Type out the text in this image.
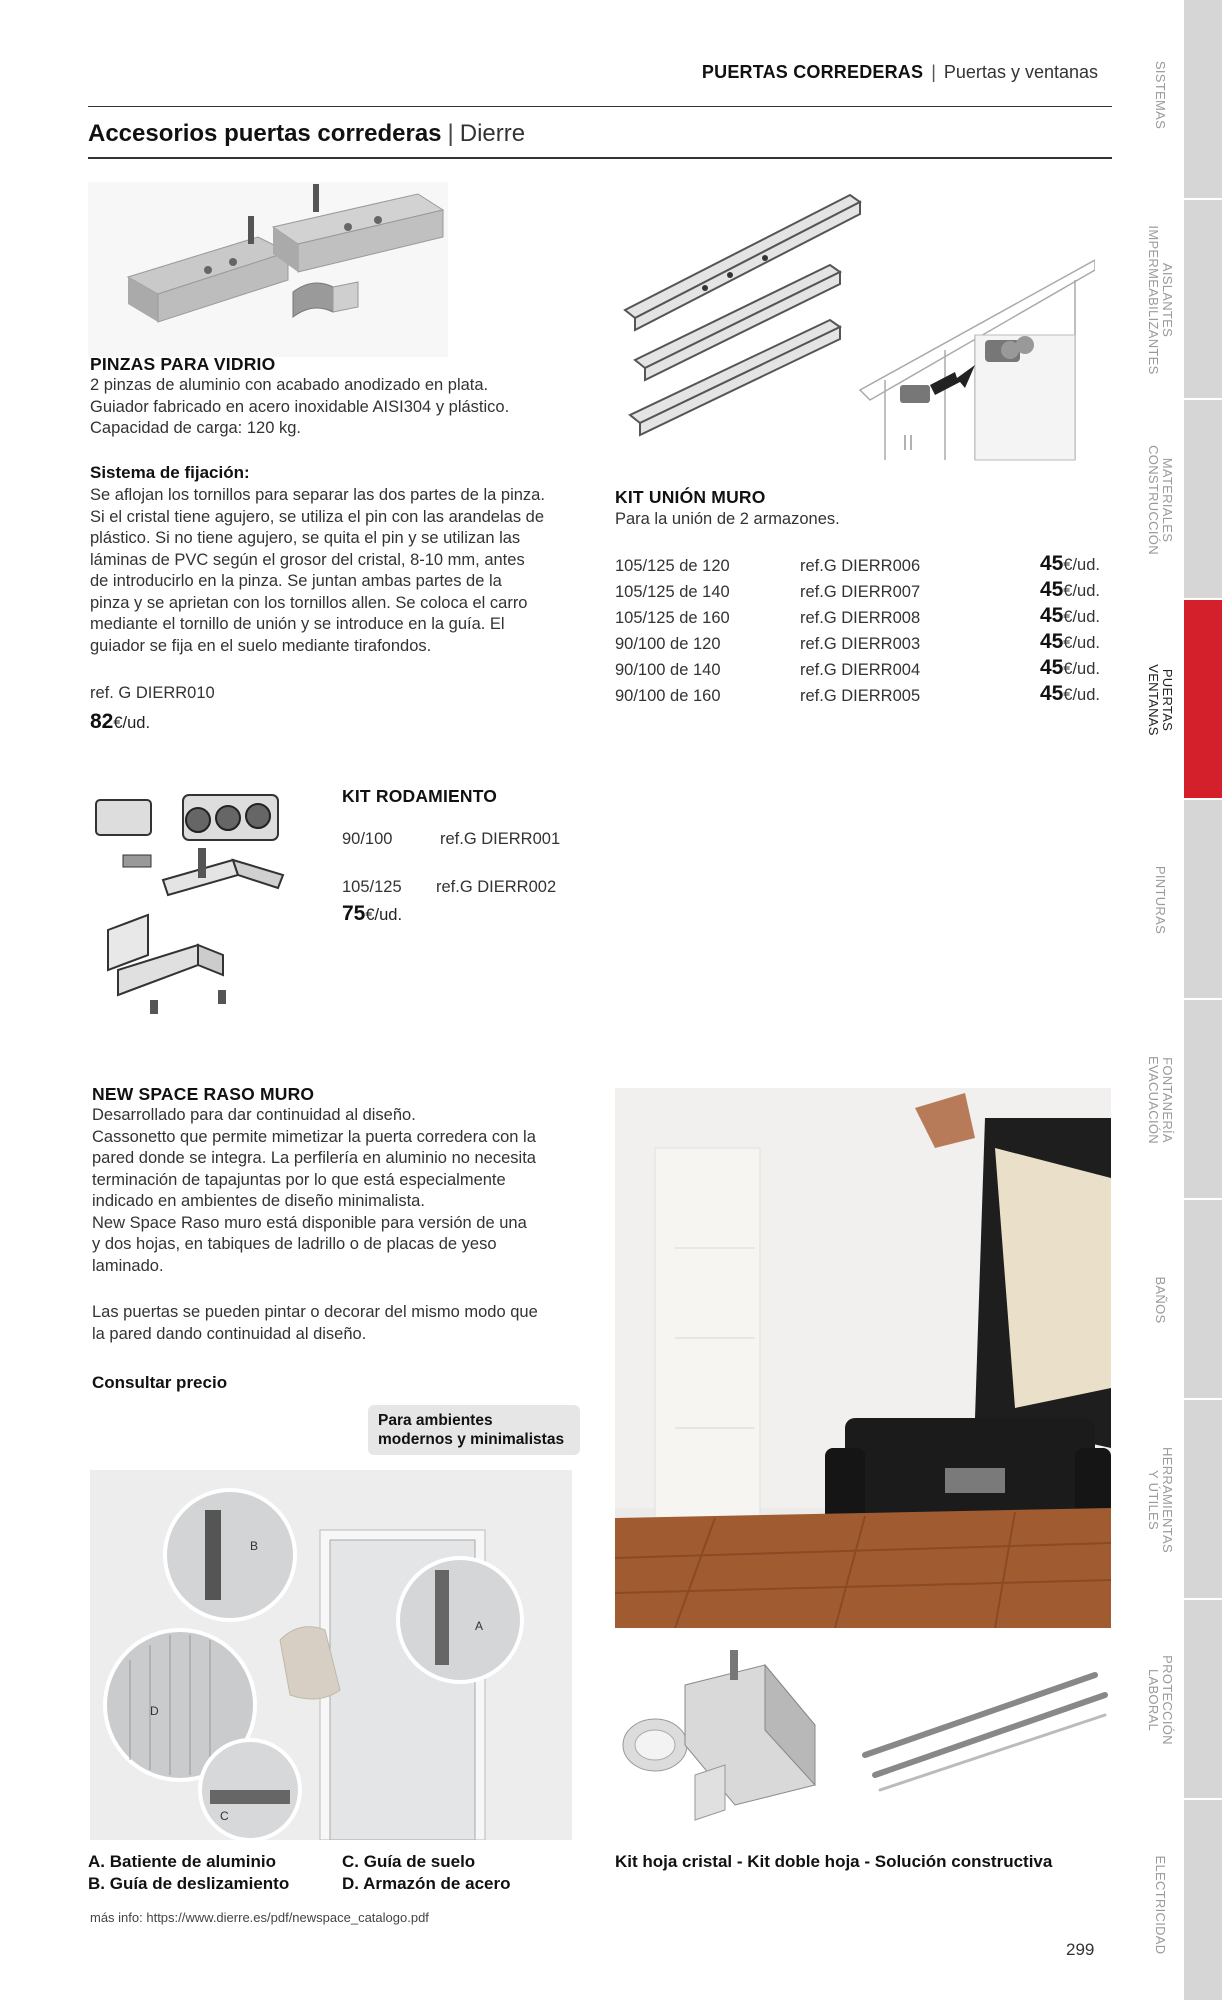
PUERTAS CORREDERAS | Puertas y ventanas
Accesorios puertas correderas | Dierre
PINZAS PARA VIDRIO
2 pinzas de aluminio con acabado anodizado en plata.
Guiador fabricado en acero inoxidable AISI304 y plástico.
Capacidad de carga: 120 kg.
Sistema de fijación:
Se aflojan los tornillos para separar las dos partes de la pinza.
Si el cristal tiene agujero, se utiliza el pin con las arandelas de
plástico. Si no tiene agujero, se quita el pin y se utilizan las
láminas de PVC según el grosor del cristal, 8-10 mm, antes
de introducirlo en la pinza. Se juntan ambas partes de la
pinza y se aprietan con los tornillos allen. Se coloca el carro
mediante el tornillo de unión y se introduce en la guía. El
guiador se fija en el suelo mediante tirafondos.
ref. G DIERR010
82€/ud.
KIT UNIÓN MURO
Para la unión de 2 armazones.
105/125 de 120	ref.G DIERR006	45€/ud.
105/125 de 140	ref.G DIERR007	45€/ud.
105/125 de 160	ref.G DIERR008	45€/ud.
90/100 de 120	ref.G DIERR003	45€/ud.
90/100 de 140	ref.G DIERR004	45€/ud.
90/100 de 160	ref.G DIERR005	45€/ud.
KIT RODAMIENTO
90/100	ref.G DIERR001
105/125 ref.G DIERR002
75€/ud.
NEW SPACE RASO MURO
Desarrollado para dar continuidad al diseño.
Cassonetto que permite mimetizar la puerta corredera con la
pared donde se integra. La perfilería en aluminio no necesita
terminación de tapajuntas por lo que está especialmente
indicado en ambientes de diseño minimalista.
New Space Raso muro está disponible para versión de una
y dos hojas, en tabiques de ladrillo o de placas de yeso
laminado.
Las puertas se pueden pintar o decorar del mismo modo que
la pared dando continuidad al diseño.
Consultar precio
Para ambientes
modernos y minimalistas
B
A
D
C
A. Batiente de aluminio
B. Guía de deslizamiento
C. Guía de suelo
D. Armazón de acero
Kit hoja cristal - Kit doble hoja - Solución constructiva
más info: https://www.dierre.es/pdf/newspace_catalogo.pdf
299
SISTEMAS
AISLANTES
IMPERMEABILIZANTES
MATERIALES
CONSTRUCCIÓN
PUERTAS
VENTANAS
PINTURAS
FONTANERÍA
EVACUACIÓN
BAÑOS
HERRAMIENTAS
Y ÚTILES
PROTECCIÓN
LABORAL
ELECTRICIDAD
